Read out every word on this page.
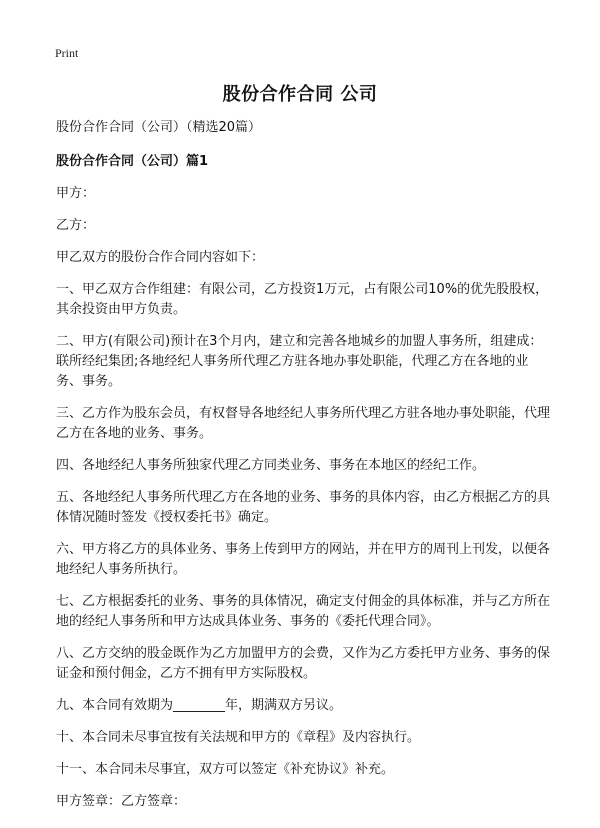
Print
股份合作合同 公司

股份合作合同（公司）（精选20篇）

股份合作合同（公司）篇1

甲方：

乙方：

甲乙双方的股份合作合同内容如下：

一、甲乙双方合作组建：有限公司，乙方投资1万元，占有限公司10%的优先股股权，其余投资由甲方负责。

二、甲方(有限公司)预计在3个月内，建立和完善各地城乡的加盟人事务所，组建成：联所经纪集团;各地经纪人事务所代理乙方驻各地办事处职能，代理乙方在各地的业务、事务。

三、乙方作为股东会员，有权督导各地经纪人事务所代理乙方驻各地办事处职能，代理乙方在各地的业务、事务。

四、各地经纪人事务所独家代理乙方同类业务、事务在本地区的经纪工作。

五、各地经纪人事务所代理乙方在各地的业务、事务的具体内容，由乙方根据乙方的具体情况随时签发《授权委托书》确定。

六、甲方将乙方的具体业务、事务上传到甲方的网站，并在甲方的周刊上刊发，以便各地经纪人事务所执行。

七、乙方根据委托的业务、事务的具体情况，确定支付佣金的具体标准，并与乙方所在地的经纪人事务所和甲方达成具体业务、事务的《委托代理合同》。

八、乙方交纳的股金既作为乙方加盟甲方的会费，又作为乙方委托甲方业务、事务的保证金和预付佣金，乙方不拥有甲方实际股权。

九、本合同有效期为________年，期满双方另议。

十、本合同未尽事宜按有关法规和甲方的《章程》及内容执行。

十一、本合同未尽事宜，双方可以签定《补充协议》补充。

甲方签章：乙方签章：
